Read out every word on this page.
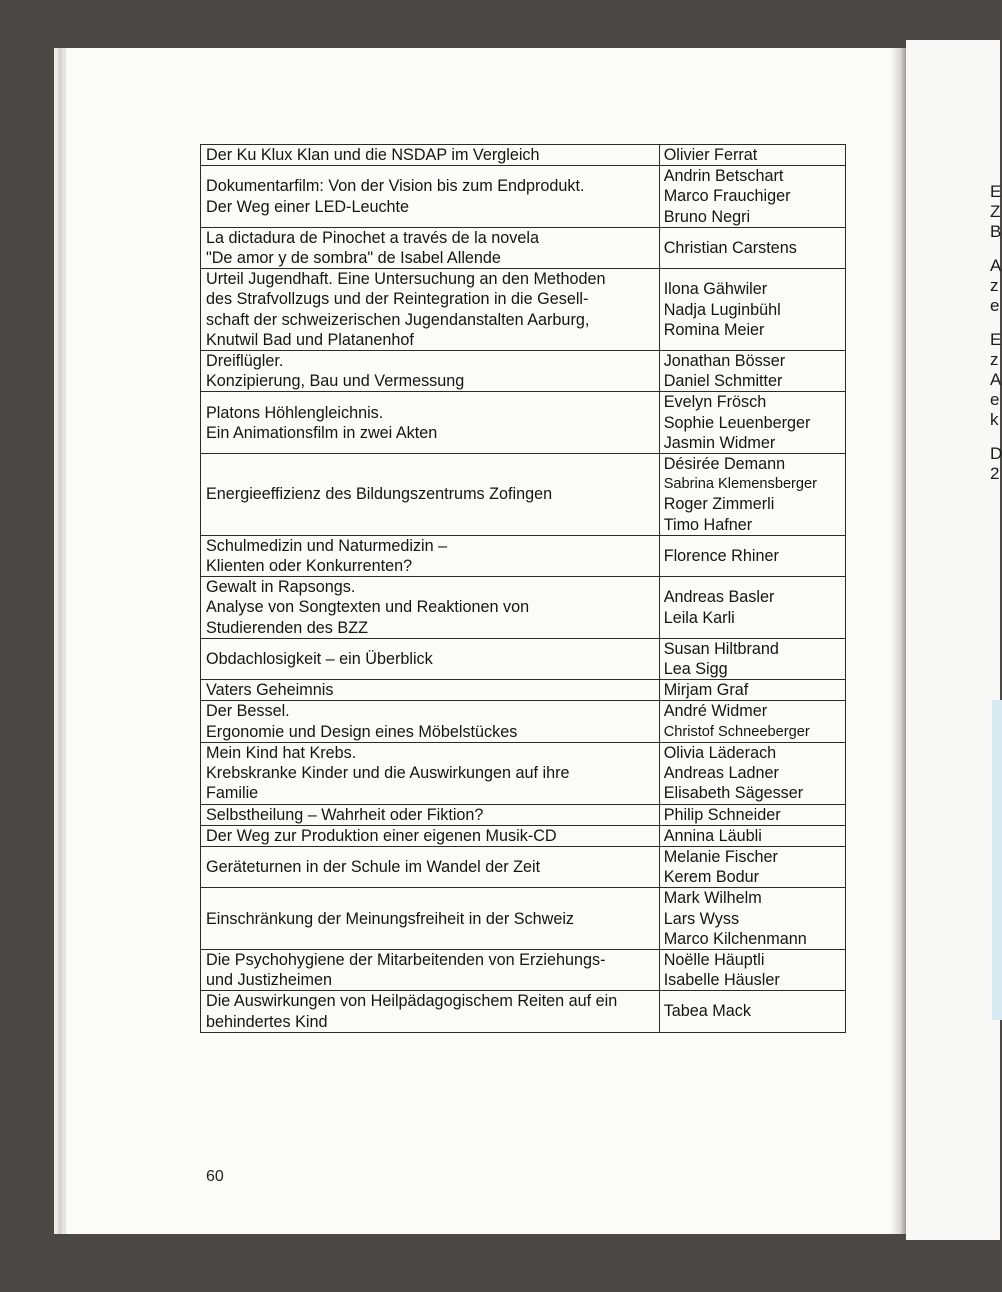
E
Z
B
A
z
e
E
z
A
e
k
D
2
Der Ku Klux Klan und die NSDAP im Vergleich	Olivier Ferrat

Dokumentarfilm: Von der Vision bis zum Endprodukt.
Der Weg einer LED-Leuchte	Andrin Betschart
Marco Frauchiger
Bruno Negri

La dictadura de Pinochet a través de la novela
"De amor y de sombra" de Isabel Allende	Christian Carstens

Urteil Jugendhaft. Eine Untersuchung an den Methoden
des Strafvollzugs und der Reintegration in die Gesell-
schaft der schweizerischen Jugendanstalten Aarburg,
Knutwil Bad und Platanenhof	Ilona Gähwiler
Nadja Luginbühl
Romina Meier

Dreiflügler.
Konzipierung, Bau und Vermessung	Jonathan Bösser
Daniel Schmitter

Platons Höhlengleichnis.
Ein Animationsfilm in zwei Akten	Evelyn Frösch
Sophie Leuenberger
Jasmin Widmer

Energieeffizienz des Bildungszentrums Zofingen	Désirée Demann
Sabrina Klemensberger
Roger Zimmerli
Timo Hafner

Schulmedizin und Naturmedizin –
Klienten oder Konkurrenten?	Florence Rhiner

Gewalt in Rapsongs.
Analyse von Songtexten und Reaktionen von
Studierenden des BZZ	Andreas Basler
Leila Karli

Obdachlosigkeit – ein Überblick	Susan Hiltbrand
Lea Sigg

Vaters Geheimnis	Mirjam Graf

Der Bessel.
Ergonomie und Design eines Möbelstückes	André Widmer
Christof Schneeberger

Mein Kind hat Krebs.
Krebskranke Kinder und die Auswirkungen auf ihre
Familie	Olivia Läderach
Andreas Ladner
Elisabeth Sägesser

Selbstheilung – Wahrheit oder Fiktion?	Philip Schneider

Der Weg zur Produktion einer eigenen Musik-CD	Annina Läubli

Geräteturnen in der Schule im Wandel der Zeit	Melanie Fischer
Kerem Bodur

Einschränkung der Meinungsfreiheit in der Schweiz	Mark Wilhelm
Lars Wyss
Marco Kilchenmann

Die Psychohygiene der Mitarbeitenden von Erziehungs-
und Justizheimen	Noëlle Häuptli
Isabelle Häusler

Die Auswirkungen von Heilpädagogischem Reiten auf ein
behindertes Kind	Tabea Mack
60
